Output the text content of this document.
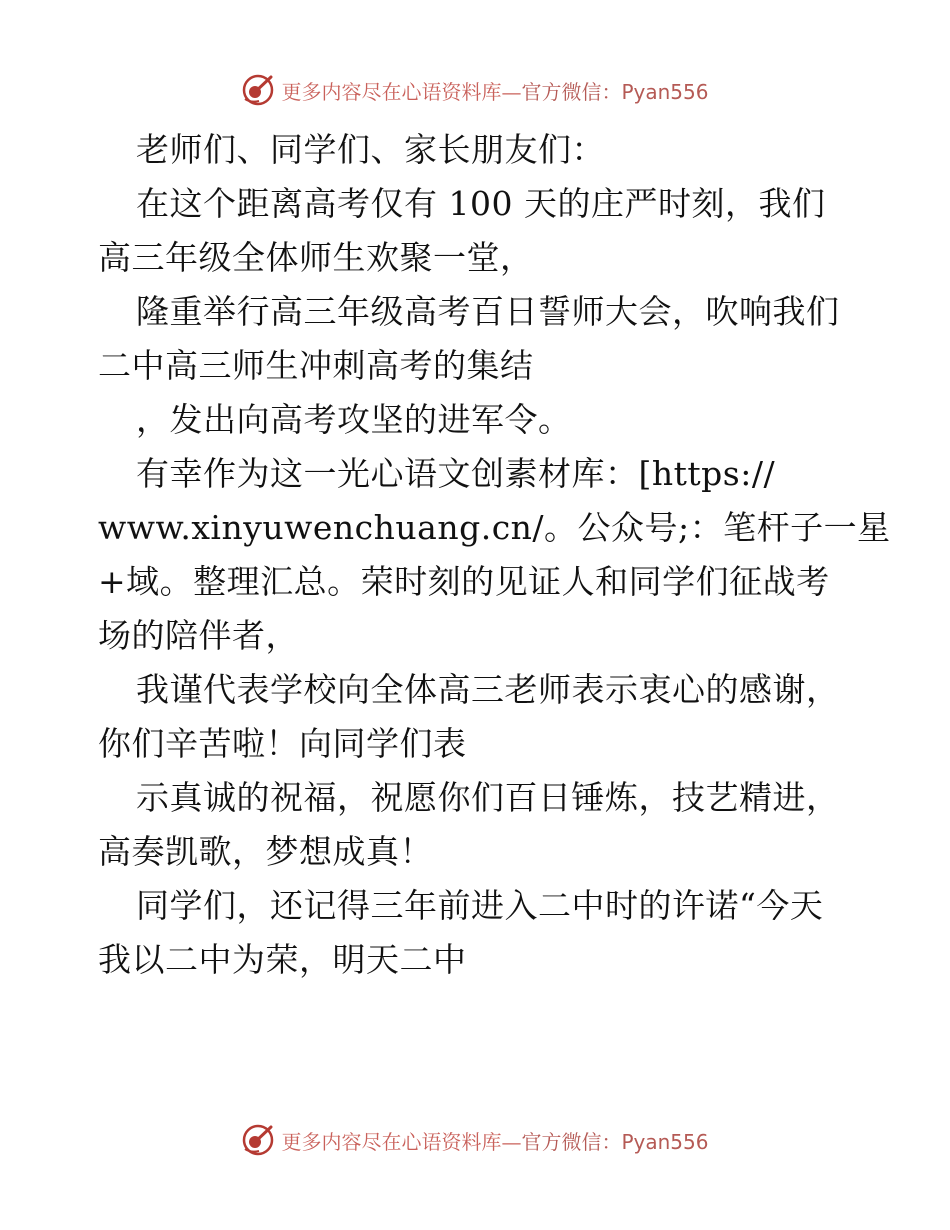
更多内容尽在心语资料库—官方微信：Pyan556
老师们、同学们、家长朋友们：
在这个距离高考仅有 100 天的庄严时刻，我们
高三年级全体师生欢聚一堂，
隆重举行高三年级高考百日誓师大会，吹响我们
二中高三师生冲刺高考的集结
，发出向高考攻坚的进军令。
有幸作为这一光心语文创素材库：[https://
www.xinyuwenchuang.cn/。公众号;：笔杆子一星
+域。整理汇总。荣时刻的见证人和同学们征战考
场的陪伴者，
我谨代表学校向全体高三老师表示衷心的感谢，
你们辛苦啦！向同学们表
示真诚的祝福，祝愿你们百日锤炼，技艺精进，
高奏凯歌，梦想成真！
同学们，还记得三年前进入二中时的许诺“今天
我以二中为荣，明天二中
更多内容尽在心语资料库—官方微信：Pyan556
